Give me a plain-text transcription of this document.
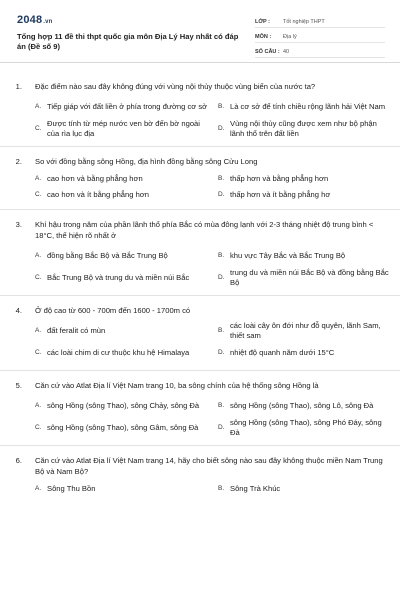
2048.vn
Tổng hợp 11 đề thi thpt quốc gia môn Địa Lý Hay nhất có đáp án (Đề số 9)
LỚP :	Tốt nghiệp THPT
MÔN :	Địa lý
SỐ CÂU : 40
1.	Đặc điểm nào sau đây không đúng với vùng nội thủy thuộc vùng biển của nước ta?
A. Tiếp giáp với đất liền ở phía trong đường cơ sở	B. Là cơ sở để tính chiều rộng lãnh hải Việt Nam
C.
Được tính từ mép nước ven bờ đến bờ ngoài của rìa lục địa
D.
Vùng nội thủy cũng được xem như bộ phận lãnh thổ trên đất liền
2.	So với đồng bằng sông Hồng, địa hình đồng bằng sông Cửu Long
A. cao hơn và bằng phẳng hơn	B. thấp hơn và bằng phẳng hơn
C. cao hơn và ít bằng phẳng hơn	D. thấp hơn và ít bằng phẳng hơ
3.	Khí hậu trong năm của phần lãnh thổ phía Bắc có mùa đông lạnh với 2-3 tháng nhiệt độ trung bình < 18°C, thể hiện rõ nhất ở
A. đồng bằng Bắc Bộ và Bắc Trung Bộ	B. khu vực Tây Bắc và Bắc Trung Bộ
C. Bắc Trung Bộ và trung du và miền núi Bắc	D.
trung du và miền núi Bắc Bộ và đồng bằng Bắc Bộ
4.	Ở độ cao từ 600 - 700m đến 1600 - 1700m có
A. đất feralit có mùn	B.
các loài cây ôn đới như đỗ quyên, lãnh Sam, thiết sam
C. các loài chim di cư thuộc khu hệ Himalaya	D. nhiệt độ quanh năm dưới 15°C
5.	Căn cứ vào Atlat Địa lí Việt Nam trang 10, ba sông chính của hệ thống sông Hồng là
A. sông Hồng (sông Thao), sông Chảy, sông Đà	B. sông Hồng (sông Thao), sông Lô, sông Đà
C. sông Hồng (sông Thao), sông Gâm, sông Đà	D.
sông Hồng (sông Thao), sông Phó Đáy, sông Đà
6.	Căn cứ vào Atlat Địa lí Việt Nam trang 14, hãy cho biết sông nào sau đây không thuộc miền Nam Trung Bộ và Nam Bộ?
A. Sông Thu Bồn	B. Sông Trà Khúc
